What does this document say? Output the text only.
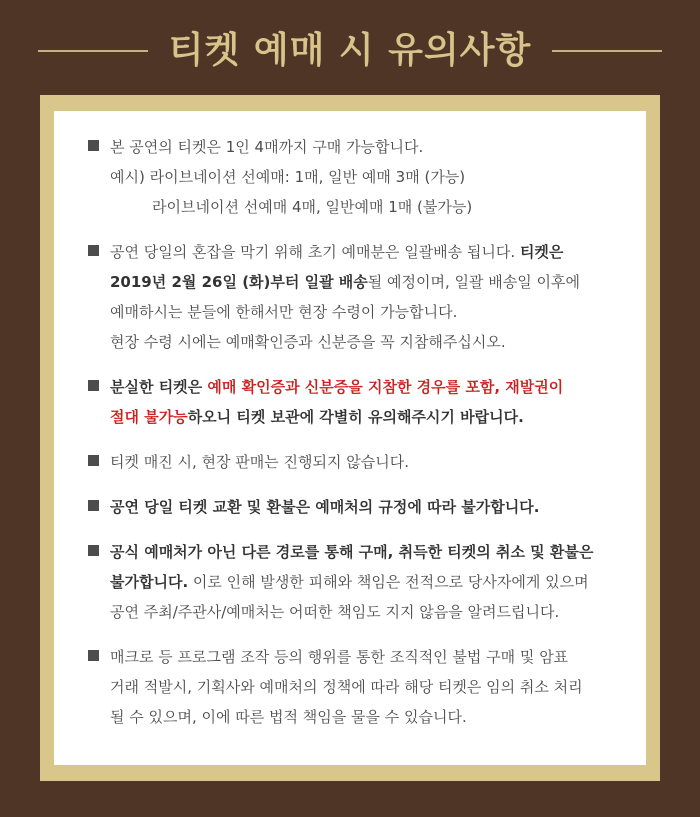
티켓 예매 시 유의사항
본 공연의 티켓은 1인 4매까지 구매 가능합니다.
예시) 라이브네이션 선예매: 1매, 일반 예매 3매 (가능)
라이브네이션 선예매 4매, 일반예매 1매 (불가능)
공연 당일의 혼잡을 막기 위해 초기 예매분은 일괄배송 됩니다. 티켓은
2019년 2월 26일 (화)부터 일괄 배송될 예정이며, 일괄 배송일 이후에
예매하시는 분들에 한해서만 현장 수령이 가능합니다.
현장 수령 시에는 예매확인증과 신분증을 꼭 지참해주십시오.
분실한 티켓은 예매 확인증과 신분증을 지참한 경우를 포함, 재발권이
절대 불가능하오니 티켓 보관에 각별히 유의해주시기 바랍니다.
티켓 매진 시, 현장 판매는 진행되지 않습니다.
공연 당일 티켓 교환 및 환불은 예매처의 규정에 따라 불가합니다.
공식 예매처가 아닌 다른 경로를 통해 구매, 취득한 티켓의 취소 및 환불은
불가합니다. 이로 인해 발생한 피해와 책임은 전적으로 당사자에게 있으며
공연 주최/주관사/예매처는 어떠한 책임도 지지 않음을 알려드립니다.
매크로 등 프로그램 조작 등의 행위를 통한 조직적인 불법 구매 및 암표
거래 적발시, 기획사와 예매처의 정책에 따라 해당 티켓은 임의 취소 처리
될 수 있으며, 이에 따른 법적 책임을 물을 수 있습니다.
